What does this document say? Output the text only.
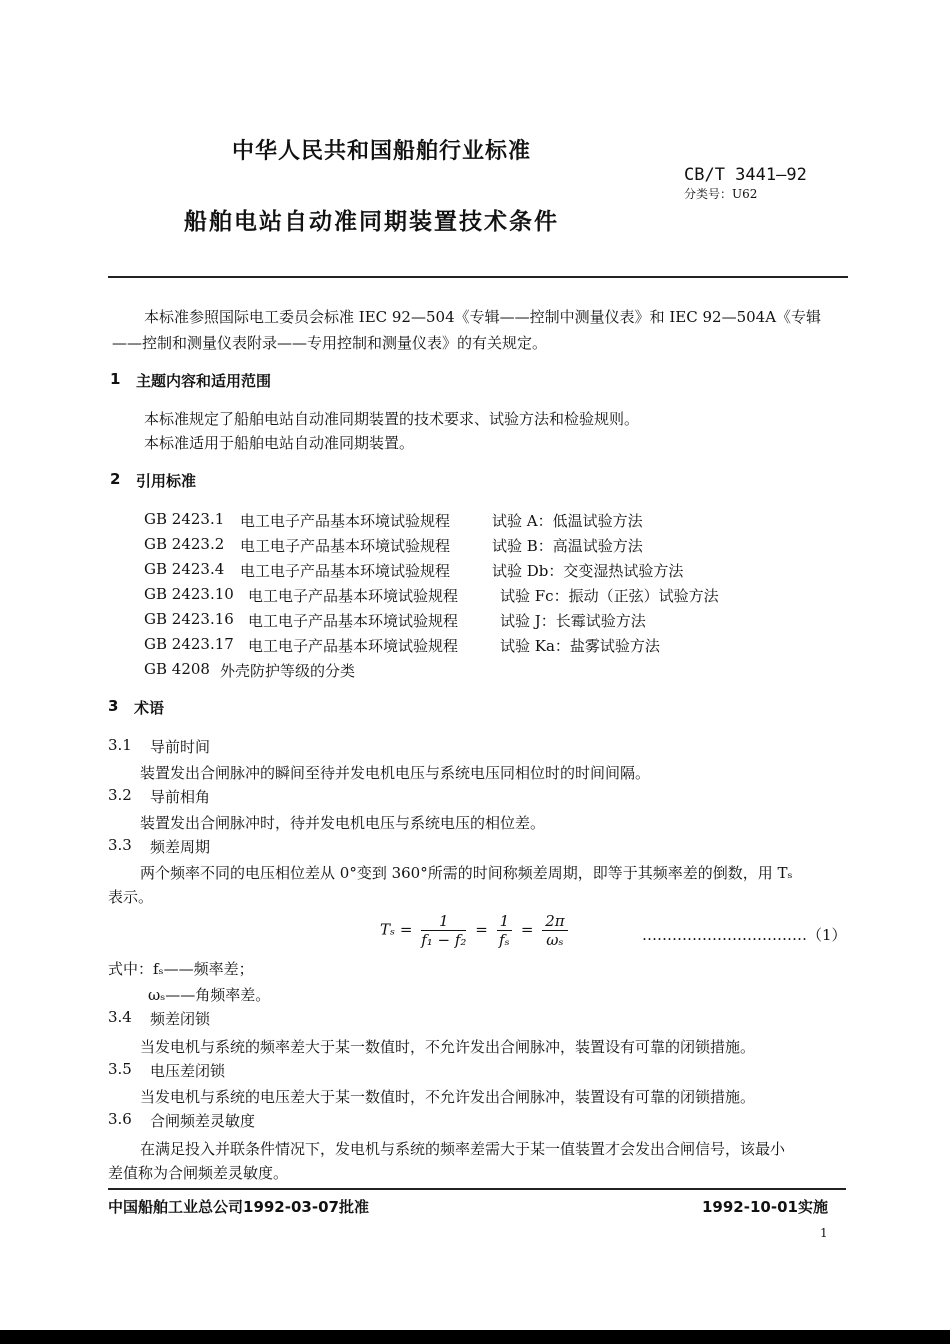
中华人民共和国船舶行业标准
CB/T 3441—92
分类号：U62
船舶电站自动准同期装置技术条件
本标准参照国际电工委员会标准 IEC 92—504《专辑——控制中测量仪表》和 IEC 92—504A《专辑
——控制和测量仪表附录——专用控制和测量仪表》的有关规定。
1 主题内容和适用范围
本标准规定了船舶电站自动准同期装置的技术要求、试验方法和检验规则。
本标准适用于船舶电站自动准同期装置。
2 引用标准
GB 2423.1 电工电子产品基本环境试验规程	试验 A：低温试验方法
GB 2423.2 电工电子产品基本环境试验规程	试验 B：高温试验方法
GB 2423.4 电工电子产品基本环境试验规程	试验 Db：交变湿热试验方法
GB 2423.10 电工电子产品基本环境试验规程	试验 Fc：振动（正弦）试验方法
GB 2423.16 电工电子产品基本环境试验规程	试验 J：长霉试验方法
GB 2423.17 电工电子产品基本环境试验规程	试验 Ka：盐雾试验方法
GB 4208 外壳防护等级的分类
3 术语
3.1 导前时间
装置发出合闸脉冲的瞬间至待并发电机电压与系统电压同相位时的时间间隔。
3.2 导前相角
装置发出合闸脉冲时，待并发电机电压与系统电压的相位差。
3.3 频差周期
两个频率不同的电压相位差从 0°变到 360°所需的时间称频差周期，即等于其频率差的倒数，用 Tₛ
表示。
$T_s = \frac{1}{\text{f₁ − f₂}} = \frac{1}{\text{fₛ}} = \frac{2\pi}{\text{ωₛ}}$	……………………………（1）
式中：fₛ——频率差；
ωₛ——角频率差。
3.4 频差闭锁
当发电机与系统的频率差大于某一数值时，不允许发出合闸脉冲，装置设有可靠的闭锁措施。
3.5 电压差闭锁
当发电机与系统的电压差大于某一数值时，不允许发出合闸脉冲，装置设有可靠的闭锁措施。
3.6 合闸频差灵敏度
在满足投入并联条件情况下，发电机与系统的频率差需大于某一值装置才会发出合闸信号，该最小
差值称为合闸频差灵敏度。
中国船舶工业总公司1992-03-07批准	1992-10-01实施
1
